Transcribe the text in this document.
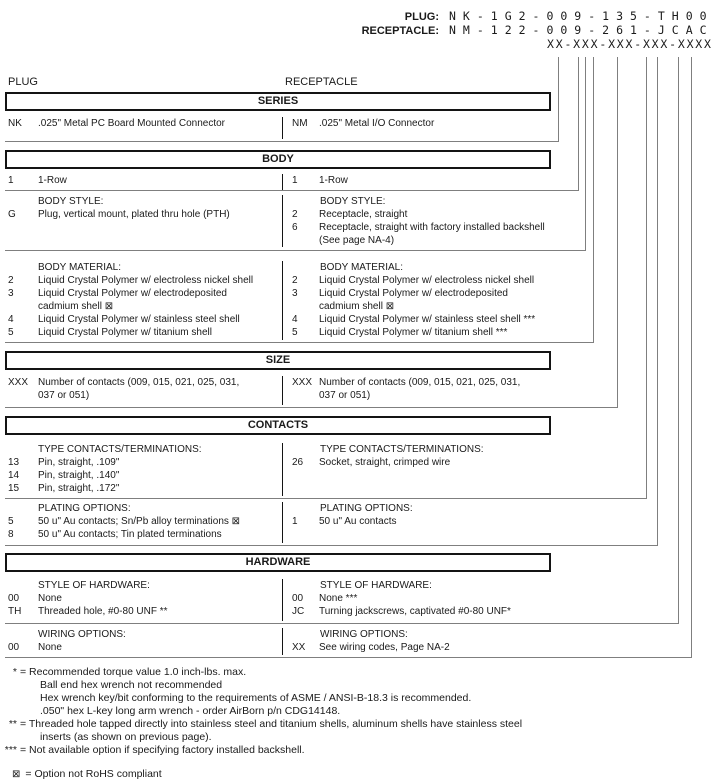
PLUG: NK-1G2-009-135-TH00
RECEPTACLE: NM-122-009-261-JCAC
XX-XXX-XXX-XXX-XXXX
PLUG	RECEPTACLE
SERIES
NK	.025" Metal PC Board Mounted Connector	NM	.025" Metal I/O Connector
BODY
1	1-Row	1	1-Row
BODY STYLE:
G	Plug, vertical mount, plated thru hole (PTH)
BODY STYLE:
2	Receptacle, straight
6	Receptacle, straight with factory installed backshell
(See page NA-4)
BODY MATERIAL:
2	Liquid Crystal Polymer w/ electroless nickel shell
3	Liquid Crystal Polymer w/ electrodeposited
cadmium shell ⊠
4	Liquid Crystal Polymer w/ stainless steel shell
5	Liquid Crystal Polymer w/ titanium shell
BODY MATERIAL:
2	Liquid Crystal Polymer w/ electroless nickel shell
3	Liquid Crystal Polymer w/ electrodeposited
cadmium shell ⊠
4	Liquid Crystal Polymer w/ stainless steel shell ***
5	Liquid Crystal Polymer w/ titanium shell ***
SIZE
XXX Number of contacts (009, 015, 021, 025, 031,
037 or 051)
XXX Number of contacts (009, 015, 021, 025, 031,
037 or 051)
CONTACTS
TYPE CONTACTS/TERMINATIONS:
13	Pin, straight, .109"
14	Pin, straight, .140"
15	Pin, straight, .172"
TYPE CONTACTS/TERMINATIONS:
26	Socket, straight, crimped wire
PLATING OPTIONS:
5	50 u" Au contacts; Sn/Pb alloy terminations ⊠
8	50 u" Au contacts; Tin plated terminations
PLATING OPTIONS:
1	50 u" Au contacts
HARDWARE
STYLE OF HARDWARE:
00	None
TH	Threaded hole, #0-80 UNF **
STYLE OF HARDWARE:
00	None ***
JC	Turning jackscrews, captivated #0-80 UNF*
WIRING OPTIONS:
00	None
WIRING OPTIONS:
XX	See wiring codes, Page NA-2
* = Recommended torque value 1.0 inch-lbs. max.
Ball end hex wrench not recommended
Hex wrench key/bit conforming to the requirements of ASME / ANSI-B-18.3 is recommended.
.050" hex L-key long arm wrench - order AirBorn p/n CDG14148.
** = Threaded hole tapped directly into stainless steel and titanium shells, aluminum shells have stainless steel
inserts (as shown on previous page).
*** = Not available option if specifying factory installed backshell.
⊠ = Option not RoHS compliant
